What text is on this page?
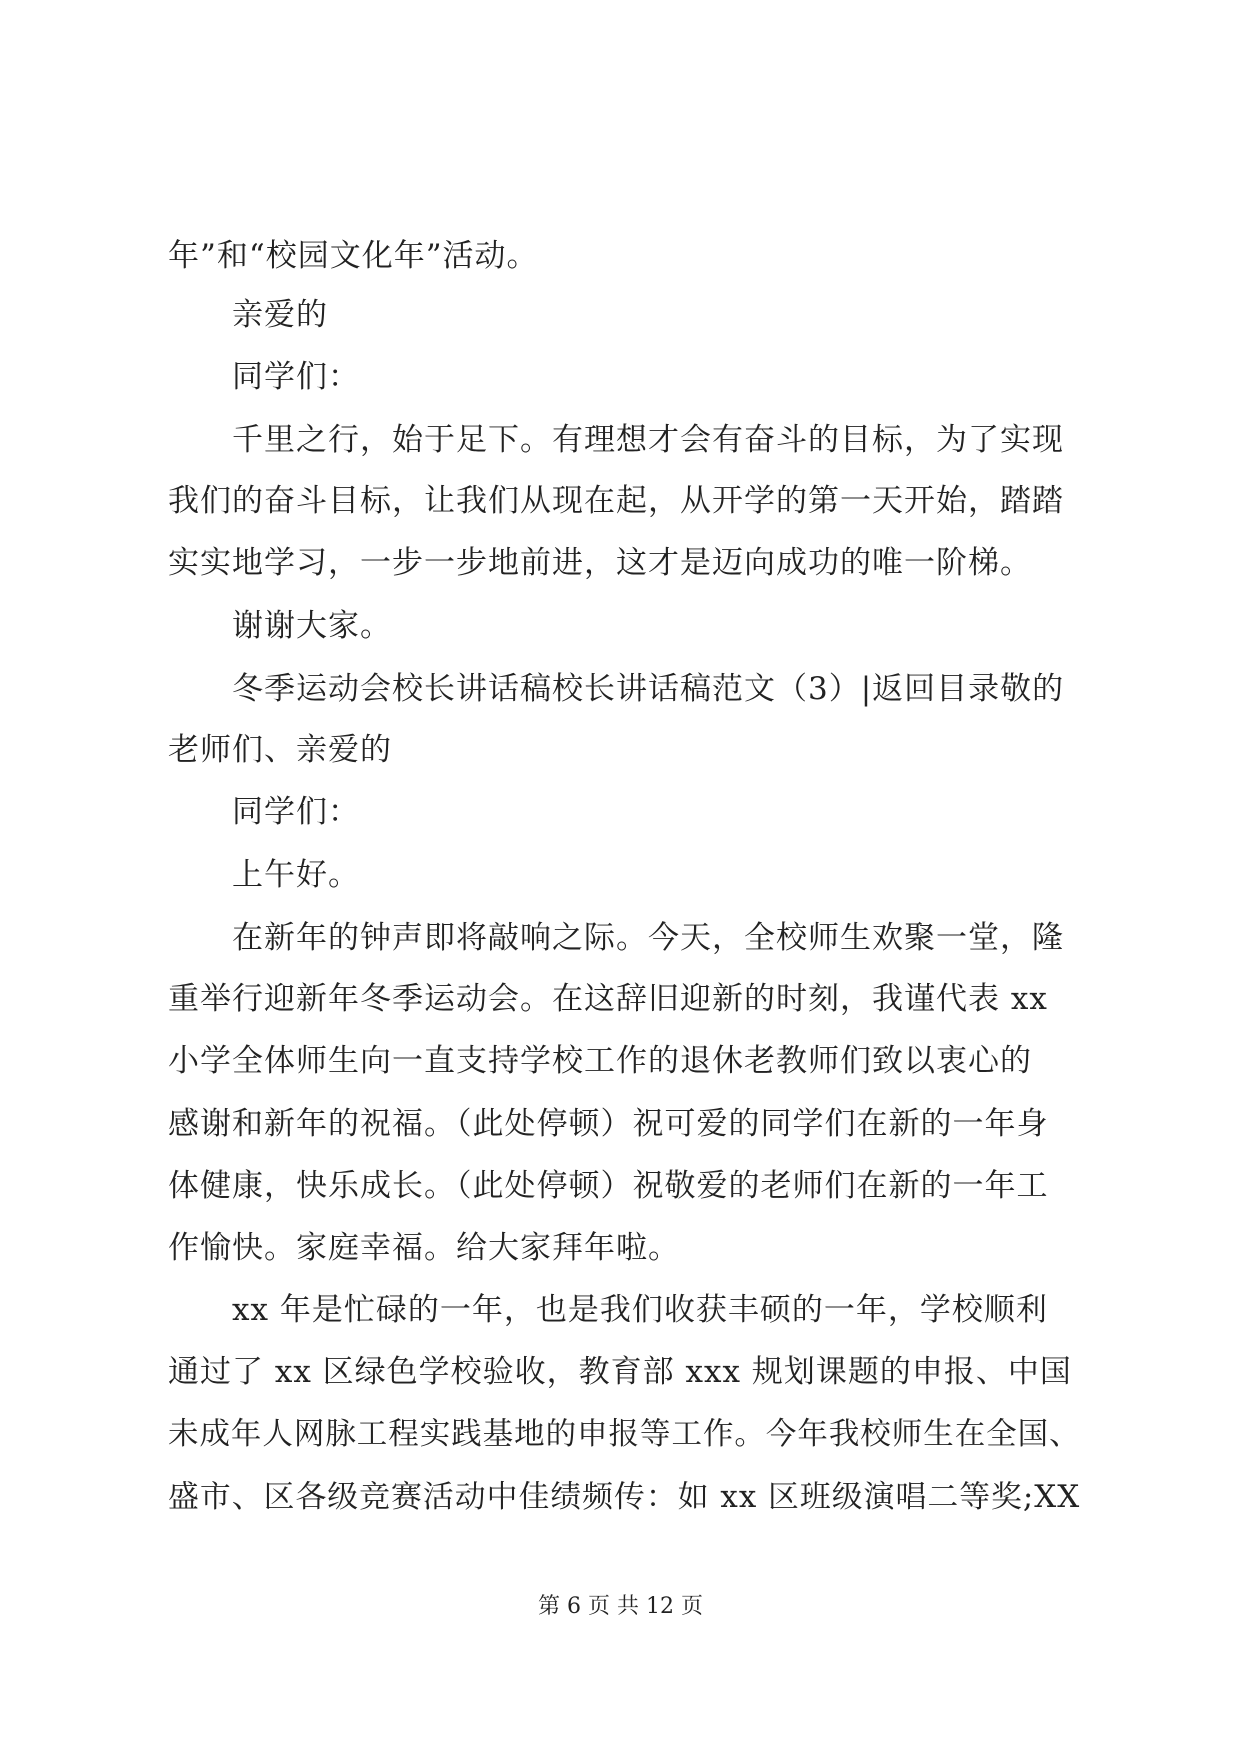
年”和“校园文化年”活动。
亲爱的
同学们：
千里之行，始于足下。有理想才会有奋斗的目标，为了实现
我们的奋斗目标，让我们从现在起，从开学的第一天开始，踏踏
实实地学习，一步一步地前进，这才是迈向成功的唯一阶梯。
谢谢大家。
冬季运动会校长讲话稿校长讲话稿范文（3）|返回目录敬的
老师们、亲爱的
同学们：
上午好。
在新年的钟声即将敲响之际。今天，全校师生欢聚一堂，隆
重举行迎新年冬季运动会。在这辞旧迎新的时刻，我谨代表 xx
小学全体师生向一直支持学校工作的退休老教师们致以衷心的
感谢和新年的祝福。（此处停顿）祝可爱的同学们在新的一年身
体健康，快乐成长。（此处停顿）祝敬爱的老师们在新的一年工
作愉快。家庭幸福。给大家拜年啦。
xx 年是忙碌的一年，也是我们收获丰硕的一年，学校顺利
通过了 xx 区绿色学校验收，教育部 xxx 规划课题的申报、中国
未成年人网脉工程实践基地的申报等工作。今年我校师生在全国、
盛市、区各级竞赛活动中佳绩频传：如 xx 区班级演唱二等奖;XX
第 6 页 共 12 页
